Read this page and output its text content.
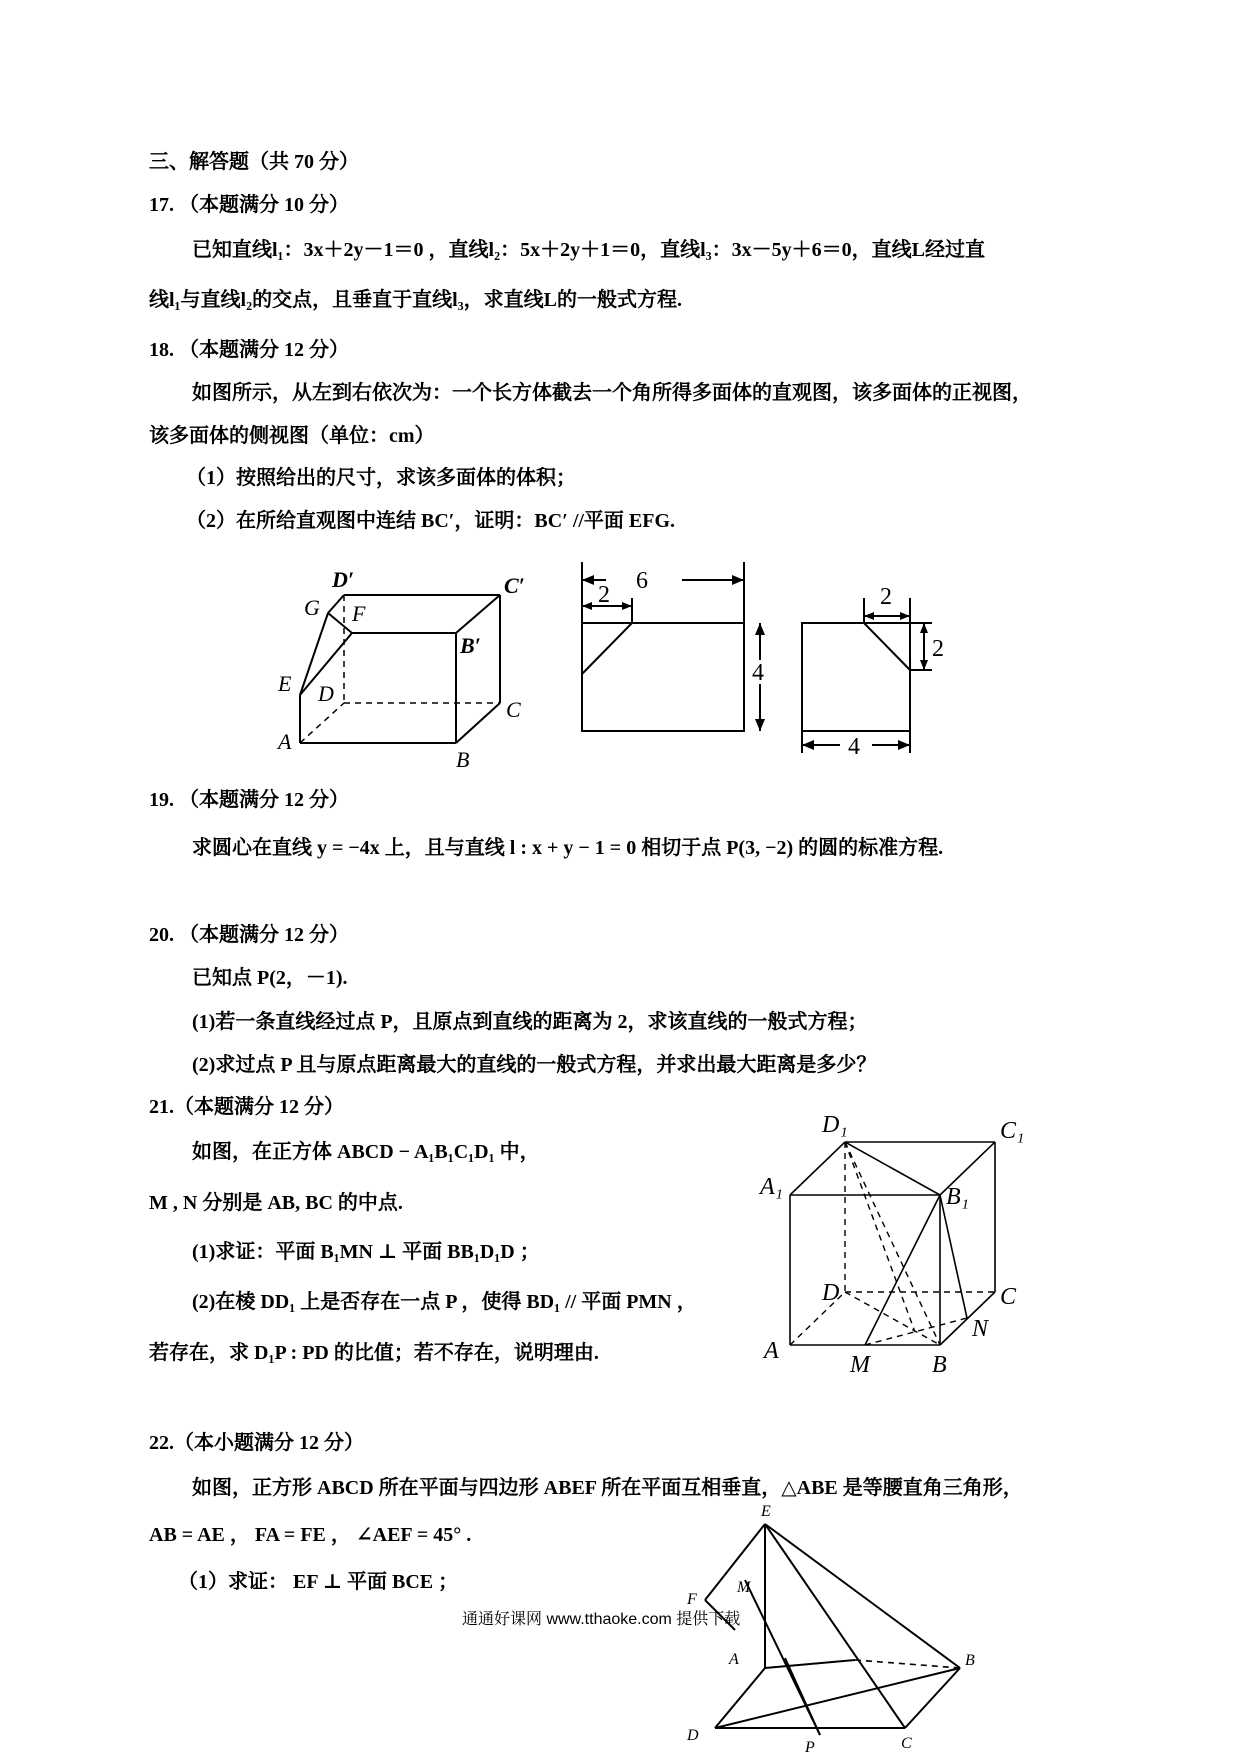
三、解答题（共 70 分）
17. （本题满分 10 分）
已知直线l₁：3x＋2y－1＝0 ，直线l₂：5x＋2y＋1＝0，直线l₃：3x－5y＋6＝0，直线L经过直
线l₁与直线l₂的交点，且垂直于直线l₃，求直线L的一般式方程.
18. （本题满分 12 分）
如图所示，从左到右依次为：一个长方体截去一个角所得多面体的直观图，该多面体的正视图，
该多面体的侧视图（单位：cm）
（1）按照给出的尺寸，求该多面体的体积；
（2）在所给直观图中连结 BC′，证明：BC′ //平面 EFG.
D′	C′
B′
G F
E D
C
A
B
6
2
4
2
2
4
19. （本题满分 12 分）
求圆心在直线 y = −4x 上，且与直线 l : x + y − 1 = 0 相切于点 P(3, −2) 的圆的标准方程.
20. （本题满分 12 分）
已知点 P(2，－1).
(1)若一条直线经过点 P，且原点到直线的距离为 2，求该直线的一般式方程；
(2)求过点 P 且与原点距离最大的直线的一般式方程，并求出最大距离是多少？
21.（本题满分 12 分）
如图，在正方体 ABCD − A₁B₁C₁D₁ 中，
M , N 分别是 AB, BC 的中点.
(1)求证：平面 B₁MN ⊥ 平面 BB₁D₁D ；
(2)在棱 DD₁ 上是否存在一点 P ，使得 BD₁ // 平面 PMN ，
若存在，求 D₁P : PD 的比值；若不存在，说明理由.
D₁	C₁
A₁	B₁
D	C
A
M	B
N
22.（本小题满分 12 分）
如图，正方形 ABCD 所在平面与四边形 ABEF 所在平面互相垂直，△ABE 是等腰直角三角形，
AB = AE ， FA = FE ， ∠AEF = 45° .
（1）求证： EF ⊥ 平面 BCE ；
通通好课网 www.tthaoke.com 提供下载
E
F
M
A	B
D
P	C
